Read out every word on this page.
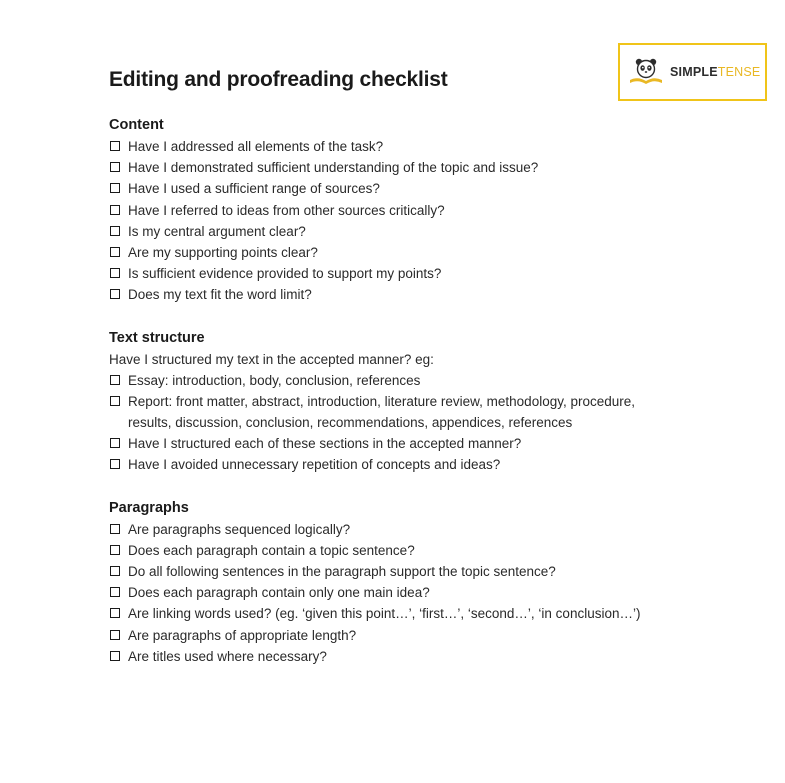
Editing and proofreading checklist	SIMPLETENSE
Content
Have I addressed all elements of the task?
Have I demonstrated sufficient understanding of the topic and issue?
Have I used a sufficient range of sources?
Have I referred to ideas from other sources critically?
Is my central argument clear?
Are my supporting points clear?
Is sufficient evidence provided to support my points?
Does my text fit the word limit?
Text structure
Have I structured my text in the accepted manner? eg:
Essay: introduction, body, conclusion, references
Report: front matter, abstract, introduction, literature review, methodology, procedure, results, discussion, conclusion, recommendations, appendices, references
Have I structured each of these sections in the accepted manner?
Have I avoided unnecessary repetition of concepts and ideas?
Paragraphs
Are paragraphs sequenced logically?
Does each paragraph contain a topic sentence?
Do all following sentences in the paragraph support the topic sentence?
Does each paragraph contain only one main idea?
Are linking words used? (eg. ‘given this point…’, ‘first…’, ‘second…’, ‘in conclusion…’)
Are paragraphs of appropriate length?
Are titles used where necessary?
